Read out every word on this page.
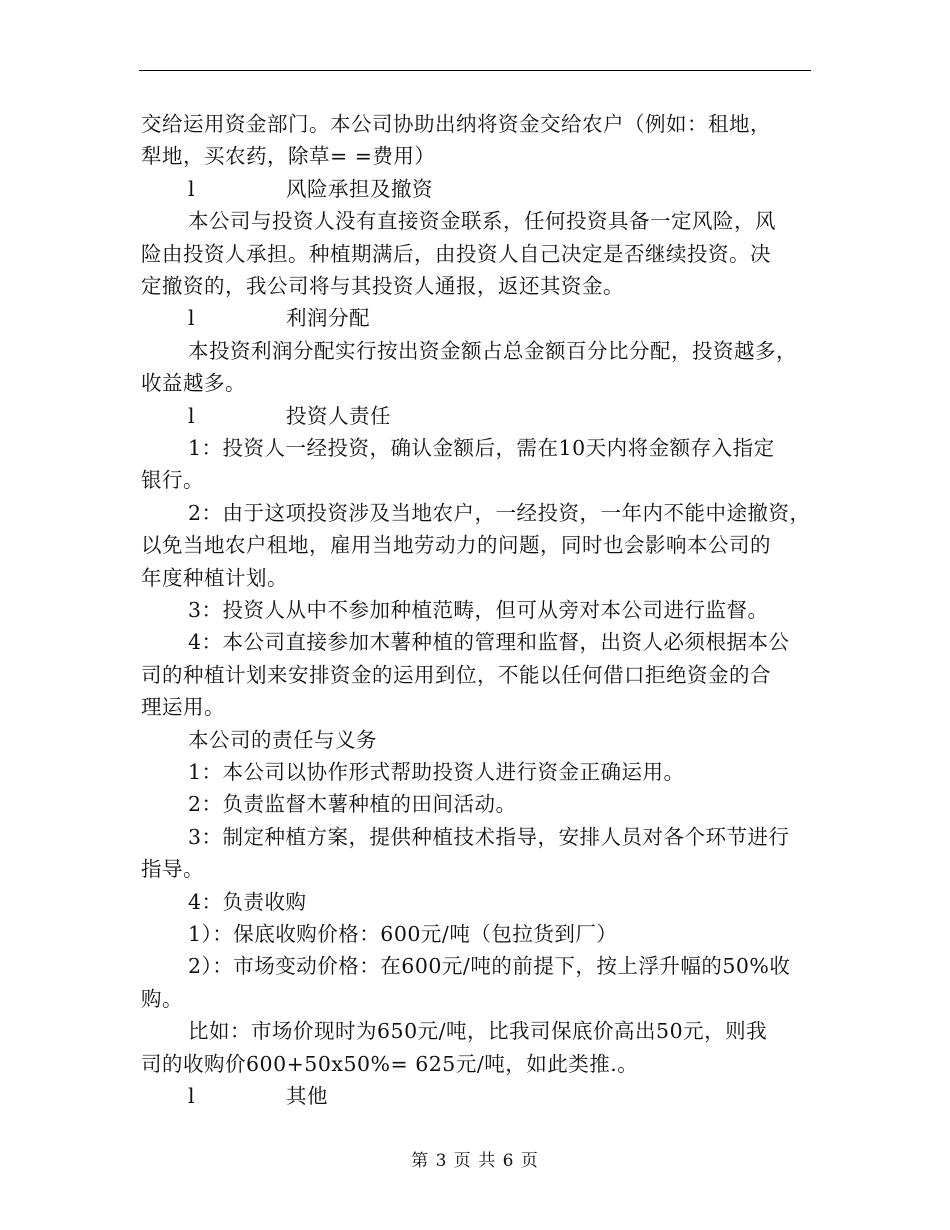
交给运用资金部门。本公司协助出纳将资金交给农户（例如：租地，
犁地，买农药，除草= =费用）
l	风险承担及撤资
本公司与投资人没有直接资金联系，任何投资具备一定风险，风
险由投资人承担。种植期满后，由投资人自己决定是否继续投资。决
定撤资的，我公司将与其投资人通报，返还其资金。
l	利润分配
本投资利润分配实行按出资金额占总金额百分比分配，投资越多，
收益越多。
l	投资人责任
1：投资人一经投资，确认金额后，需在10天内将金额存入指定
银行。
2：由于这项投资涉及当地农户，一经投资，一年内不能中途撤资，
以免当地农户租地，雇用当地劳动力的问题，同时也会影响本公司的
年度种植计划。
3：投资人从中不参加种植范畴，但可从旁对本公司进行监督。
4：本公司直接参加木薯种植的管理和监督，出资人必须根据本公
司的种植计划来安排资金的运用到位，不能以任何借口拒绝资金的合
理运用。
本公司的责任与义务
1：本公司以协作形式帮助投资人进行资金正确运用。
2：负责监督木薯种植的田间活动。
3：制定种植方案，提供种植技术指导，安排人员对各个环节进行
指导。
4：负责收购
1）：保底收购价格：600元/吨（包拉货到厂）
2）：市场变动价格：在600元/吨的前提下，按上浮升幅的50%收
购。
比如：市场价现时为650元/吨，比我司保底价高出50元，则我
司的收购价600+50x50%= 625元/吨，如此类推.。
l	其他
第 3 页 共 6 页
